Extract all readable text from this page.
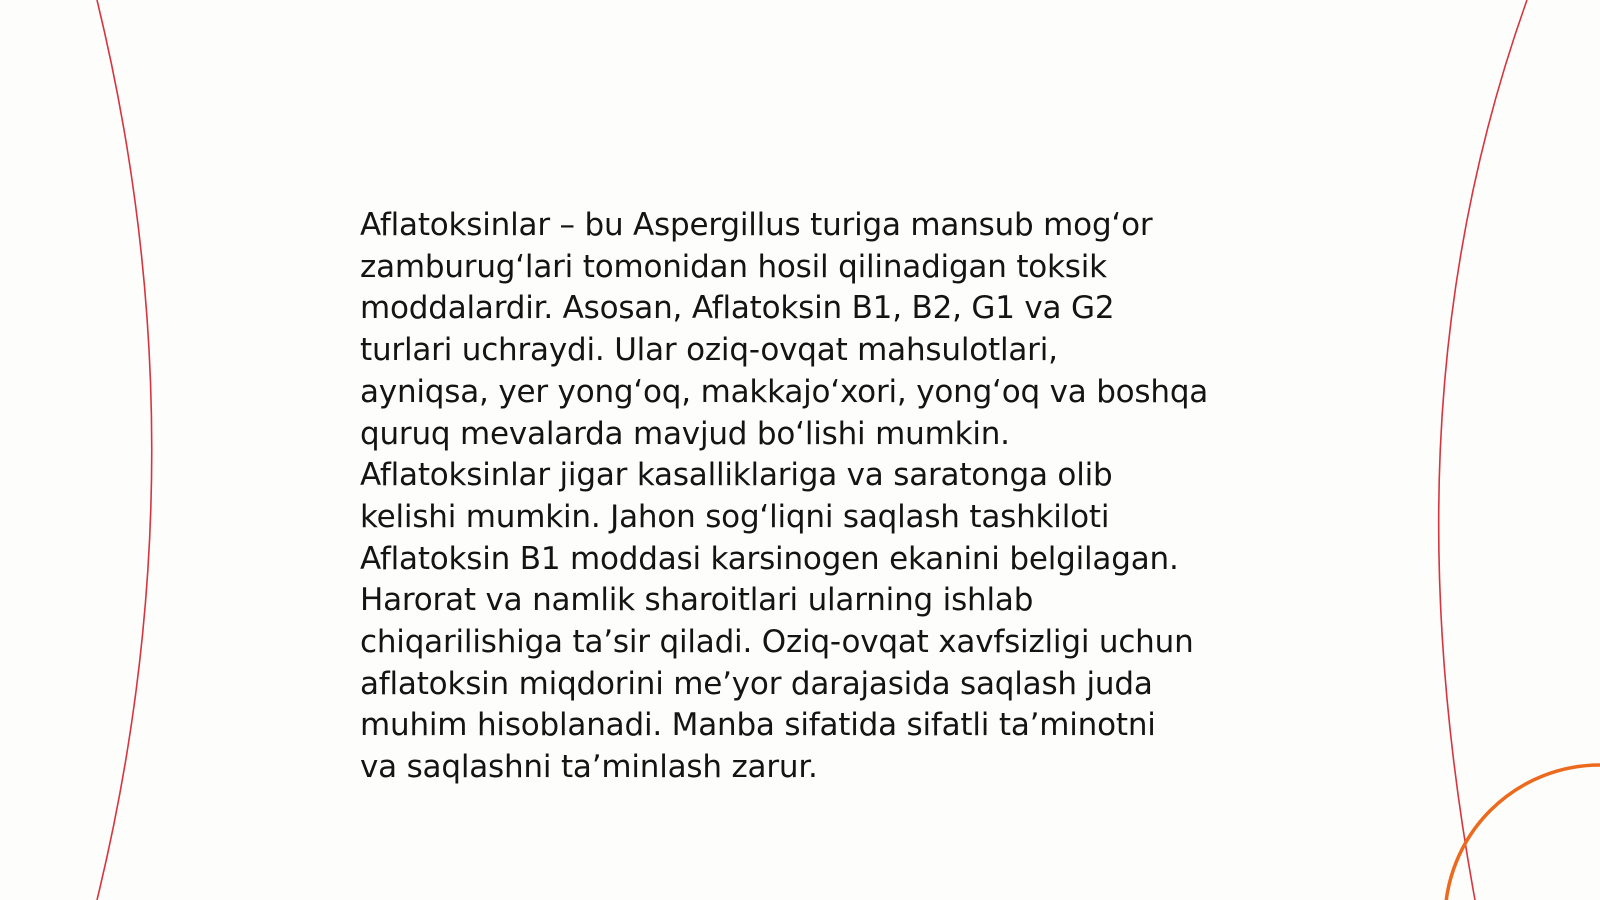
Aflatoksinlar – bu Aspergillus turiga mansub mog‘or
zamburug‘lari tomonidan hosil qilinadigan toksik
moddalardir. Asosan, Aflatoksin B1, B2, G1 va G2
turlari uchraydi. Ular oziq-ovqat mahsulotlari,
ayniqsa, yer yong‘oq, makkajo‘xori, yong‘oq va boshqa
quruq mevalarda mavjud bo‘lishi mumkin.
Aflatoksinlar jigar kasalliklariga va saratonga olib
kelishi mumkin. Jahon sog‘liqni saqlash tashkiloti
Aflatoksin B1 moddasi karsinogen ekanini belgilagan.
Harorat va namlik sharoitlari ularning ishlab
chiqarilishiga ta’sir qiladi. Oziq-ovqat xavfsizligi uchun
aflatoksin miqdorini me’yor darajasida saqlash juda
muhim hisoblanadi. Manba sifatida sifatli ta’minotni
va saqlashni ta’minlash zarur.
